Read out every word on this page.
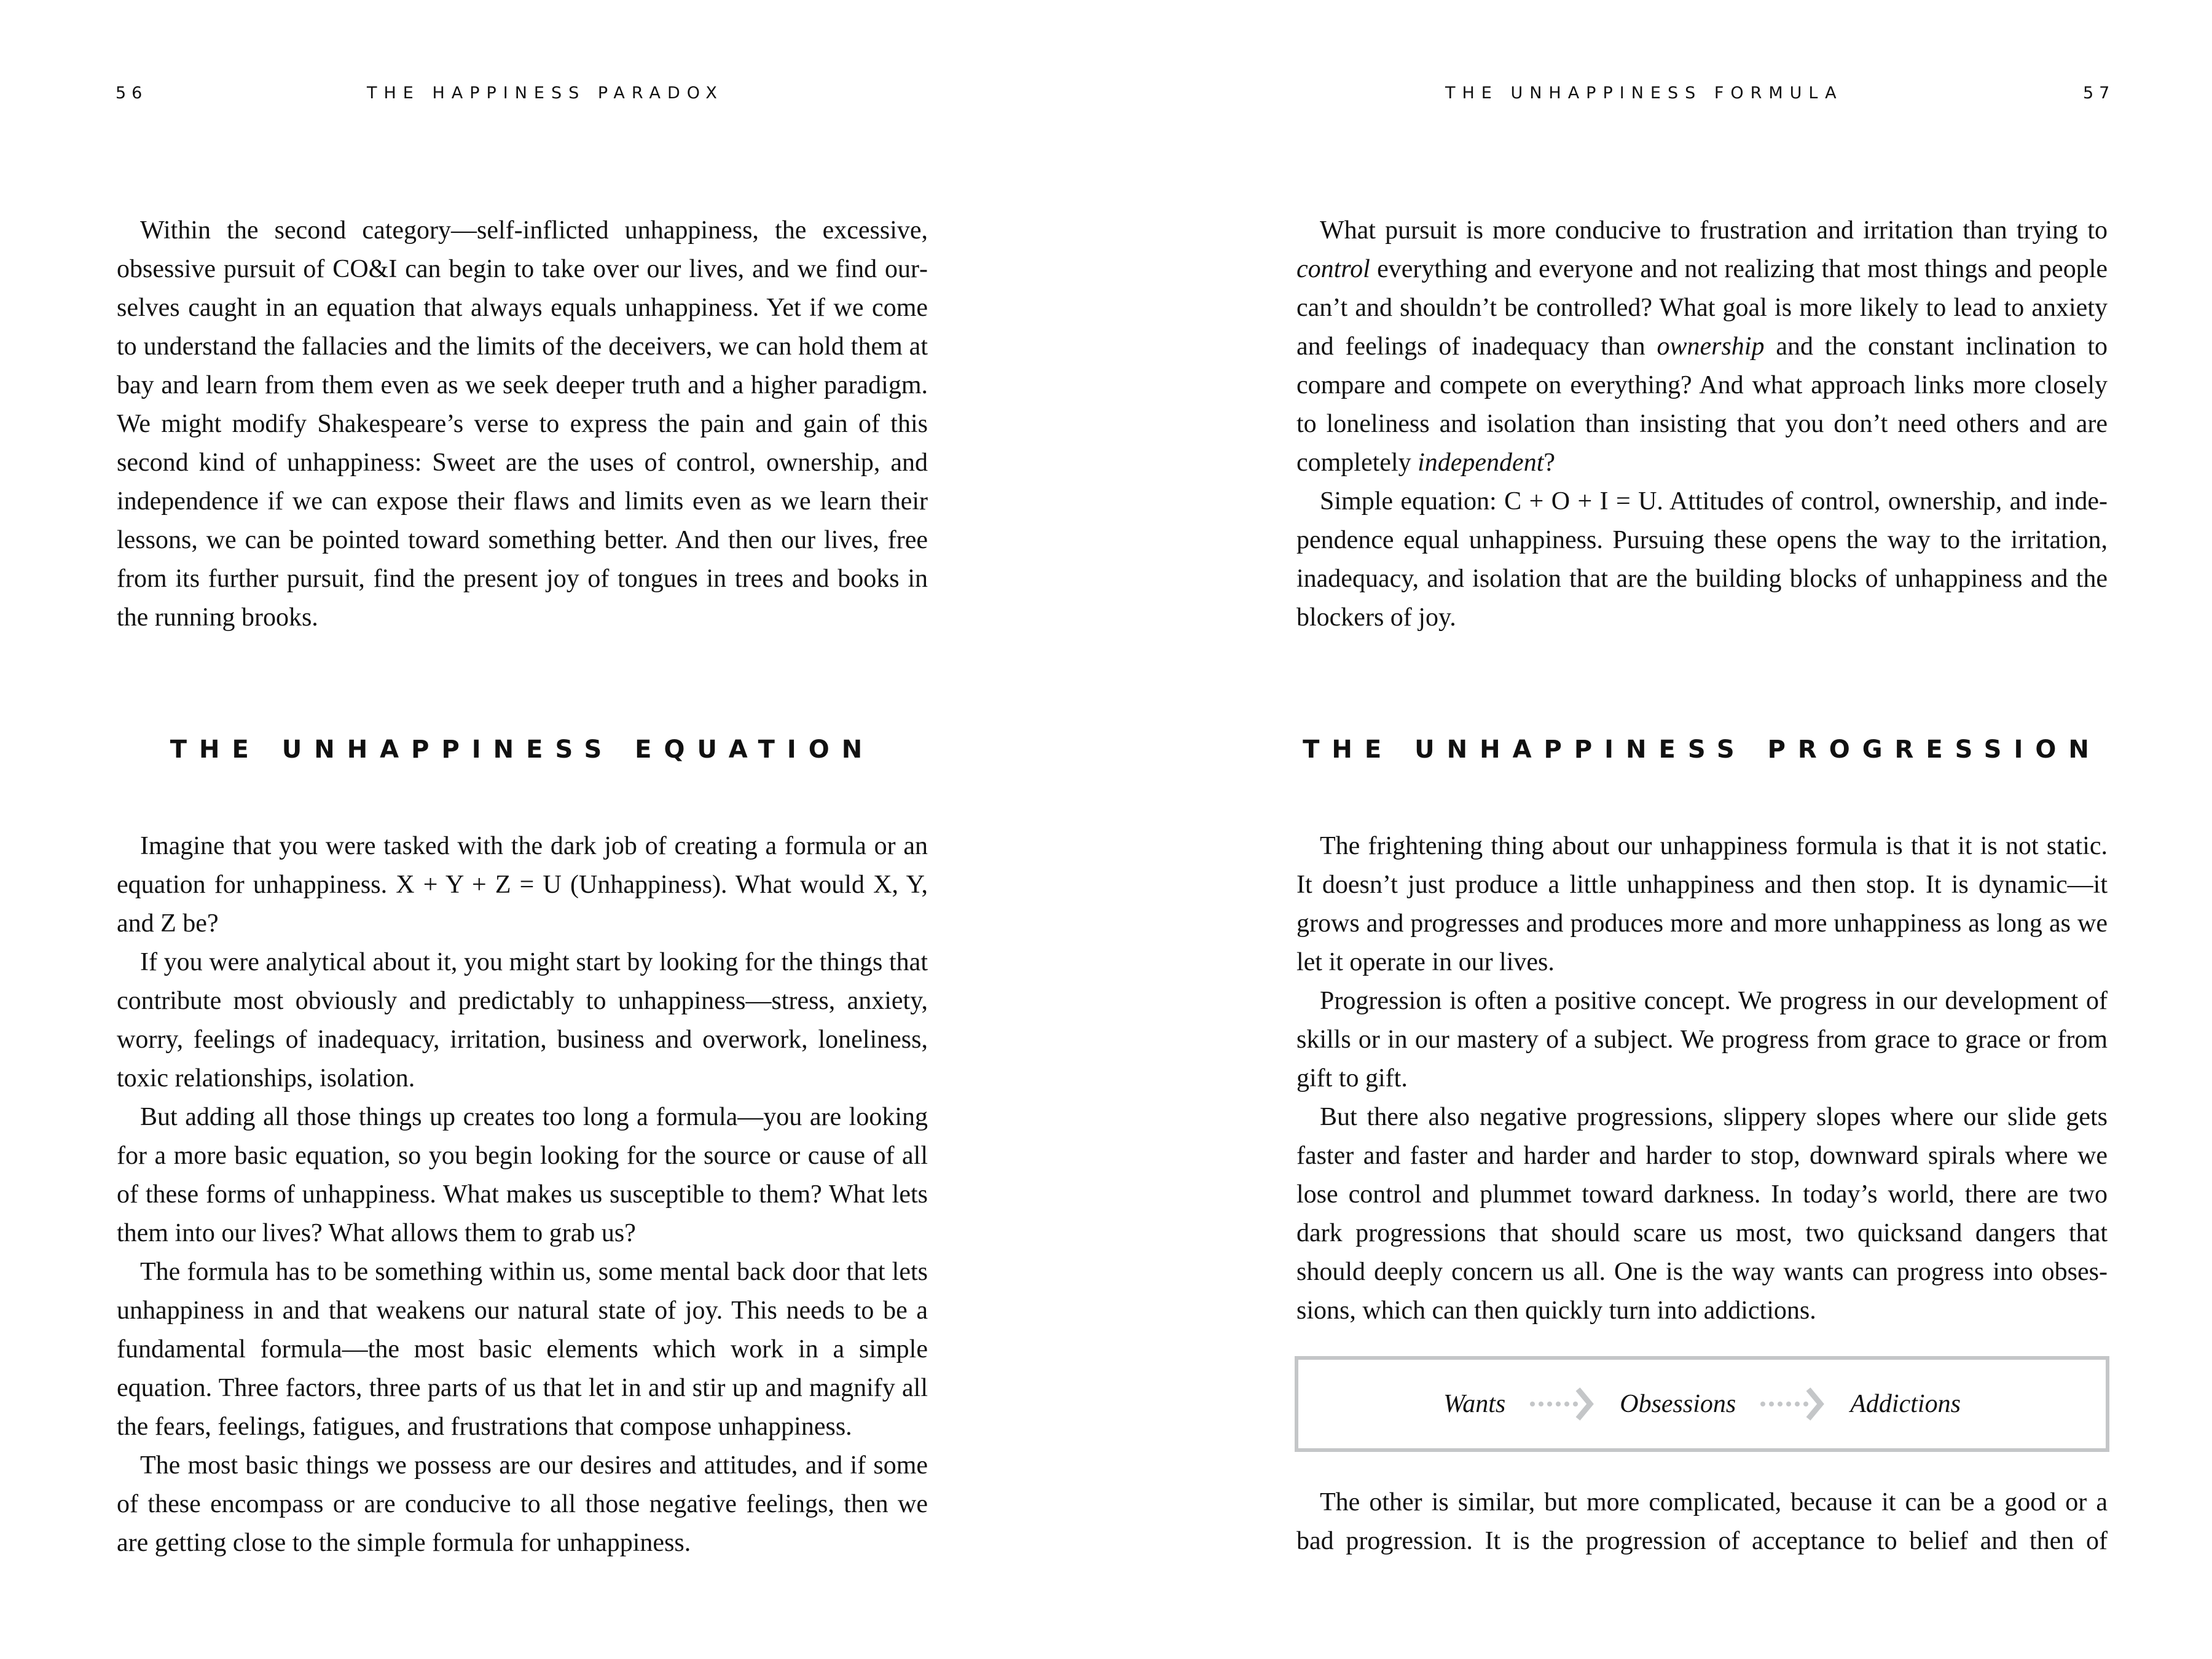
56	THE HAPPINESS PARADOX

Within the second category—self-inflicted unhappiness, the excessive, obsessive pursuit of CO&I can begin to take over our lives, and we find ourselves caught in an equation that always equals unhappiness. Yet if we come to understand the fallacies and the limits of the deceivers, we can hold them at bay and learn from them even as we seek deeper truth and a higher paradigm. We might modify Shakespeare’s verse to express the pain and gain of this second kind of unhappiness: Sweet are the uses of control, ownership, and independence if we can expose their flaws and limits even as we learn their lessons, we can be pointed toward something better. And then our lives, free from its further pursuit, find the present joy of tongues in trees and books in the running brooks.

THE UNHAPPINESS EQUATION

Imagine that you were tasked with the dark job of creating a formula or an equation for unhappiness. X + Y + Z = U (Unhappiness). What would X, Y, and Z be?

If you were analytical about it, you might start by looking for the things that contribute most obviously and predictably to unhappiness—stress, anxiety, worry, feelings of inadequacy, irritation, business and overwork, loneliness, toxic relationships, isolation.

But adding all those things up creates too long a formula—you are looking for a more basic equation, so you begin looking for the source or cause of all of these forms of unhappiness. What makes us susceptible to them? What lets them into our lives? What allows them to grab us?

The formula has to be something within us, some mental back door that lets unhappiness in and that weakens our natural state of joy. This needs to be a fundamental formula—the most basic elements which work in a simple equation. Three factors, three parts of us that let in and stir up and magnify all the fears, feelings, fatigues, and frustrations that compose unhappiness.

The most basic things we possess are our desires and attitudes, and if some of these encompass or are conducive to all those negative feelings, then we are getting close to the simple formula for unhappiness.

THE UNHAPPINESS FORMULA	57

What pursuit is more conducive to frustration and irritation than trying to control everything and everyone and not realizing that most things and people can’t and shouldn’t be controlled? What goal is more likely to lead to anxiety and feelings of inadequacy than ownership and the constant inclination to compare and compete on everything? And what approach links more closely to loneliness and isolation than insisting that you don’t need others and are completely independent?

Simple equation: C + O + I = U. Attitudes of control, ownership, and independence equal unhappiness. Pursuing these opens the way to the irritation, inadequacy, and isolation that are the building blocks of unhappiness and the blockers of joy.

THE UNHAPPINESS PROGRESSION

The frightening thing about our unhappiness formula is that it is not static. It doesn’t just produce a little unhappiness and then stop. It is dynamic—it grows and progresses and produces more and more unhappiness as long as we let it operate in our lives.

Progression is often a positive concept. We progress in our development of skills or in our mastery of a subject. We progress from grace to grace or from gift to gift.

But there also negative progressions, slippery slopes where our slide gets faster and faster and harder and harder to stop, downward spirals where we lose control and plummet toward darkness. In today’s world, there are two dark progressions that should scare us most, two quicksand dangers that should deeply concern us all. One is the way wants can progress into obsessions, which can then quickly turn into addictions.

Wants	Obsessions	Addictions

The other is similar, but more complicated, because it can be a good or a bad progression. It is the progression of acceptance to belief and then of
